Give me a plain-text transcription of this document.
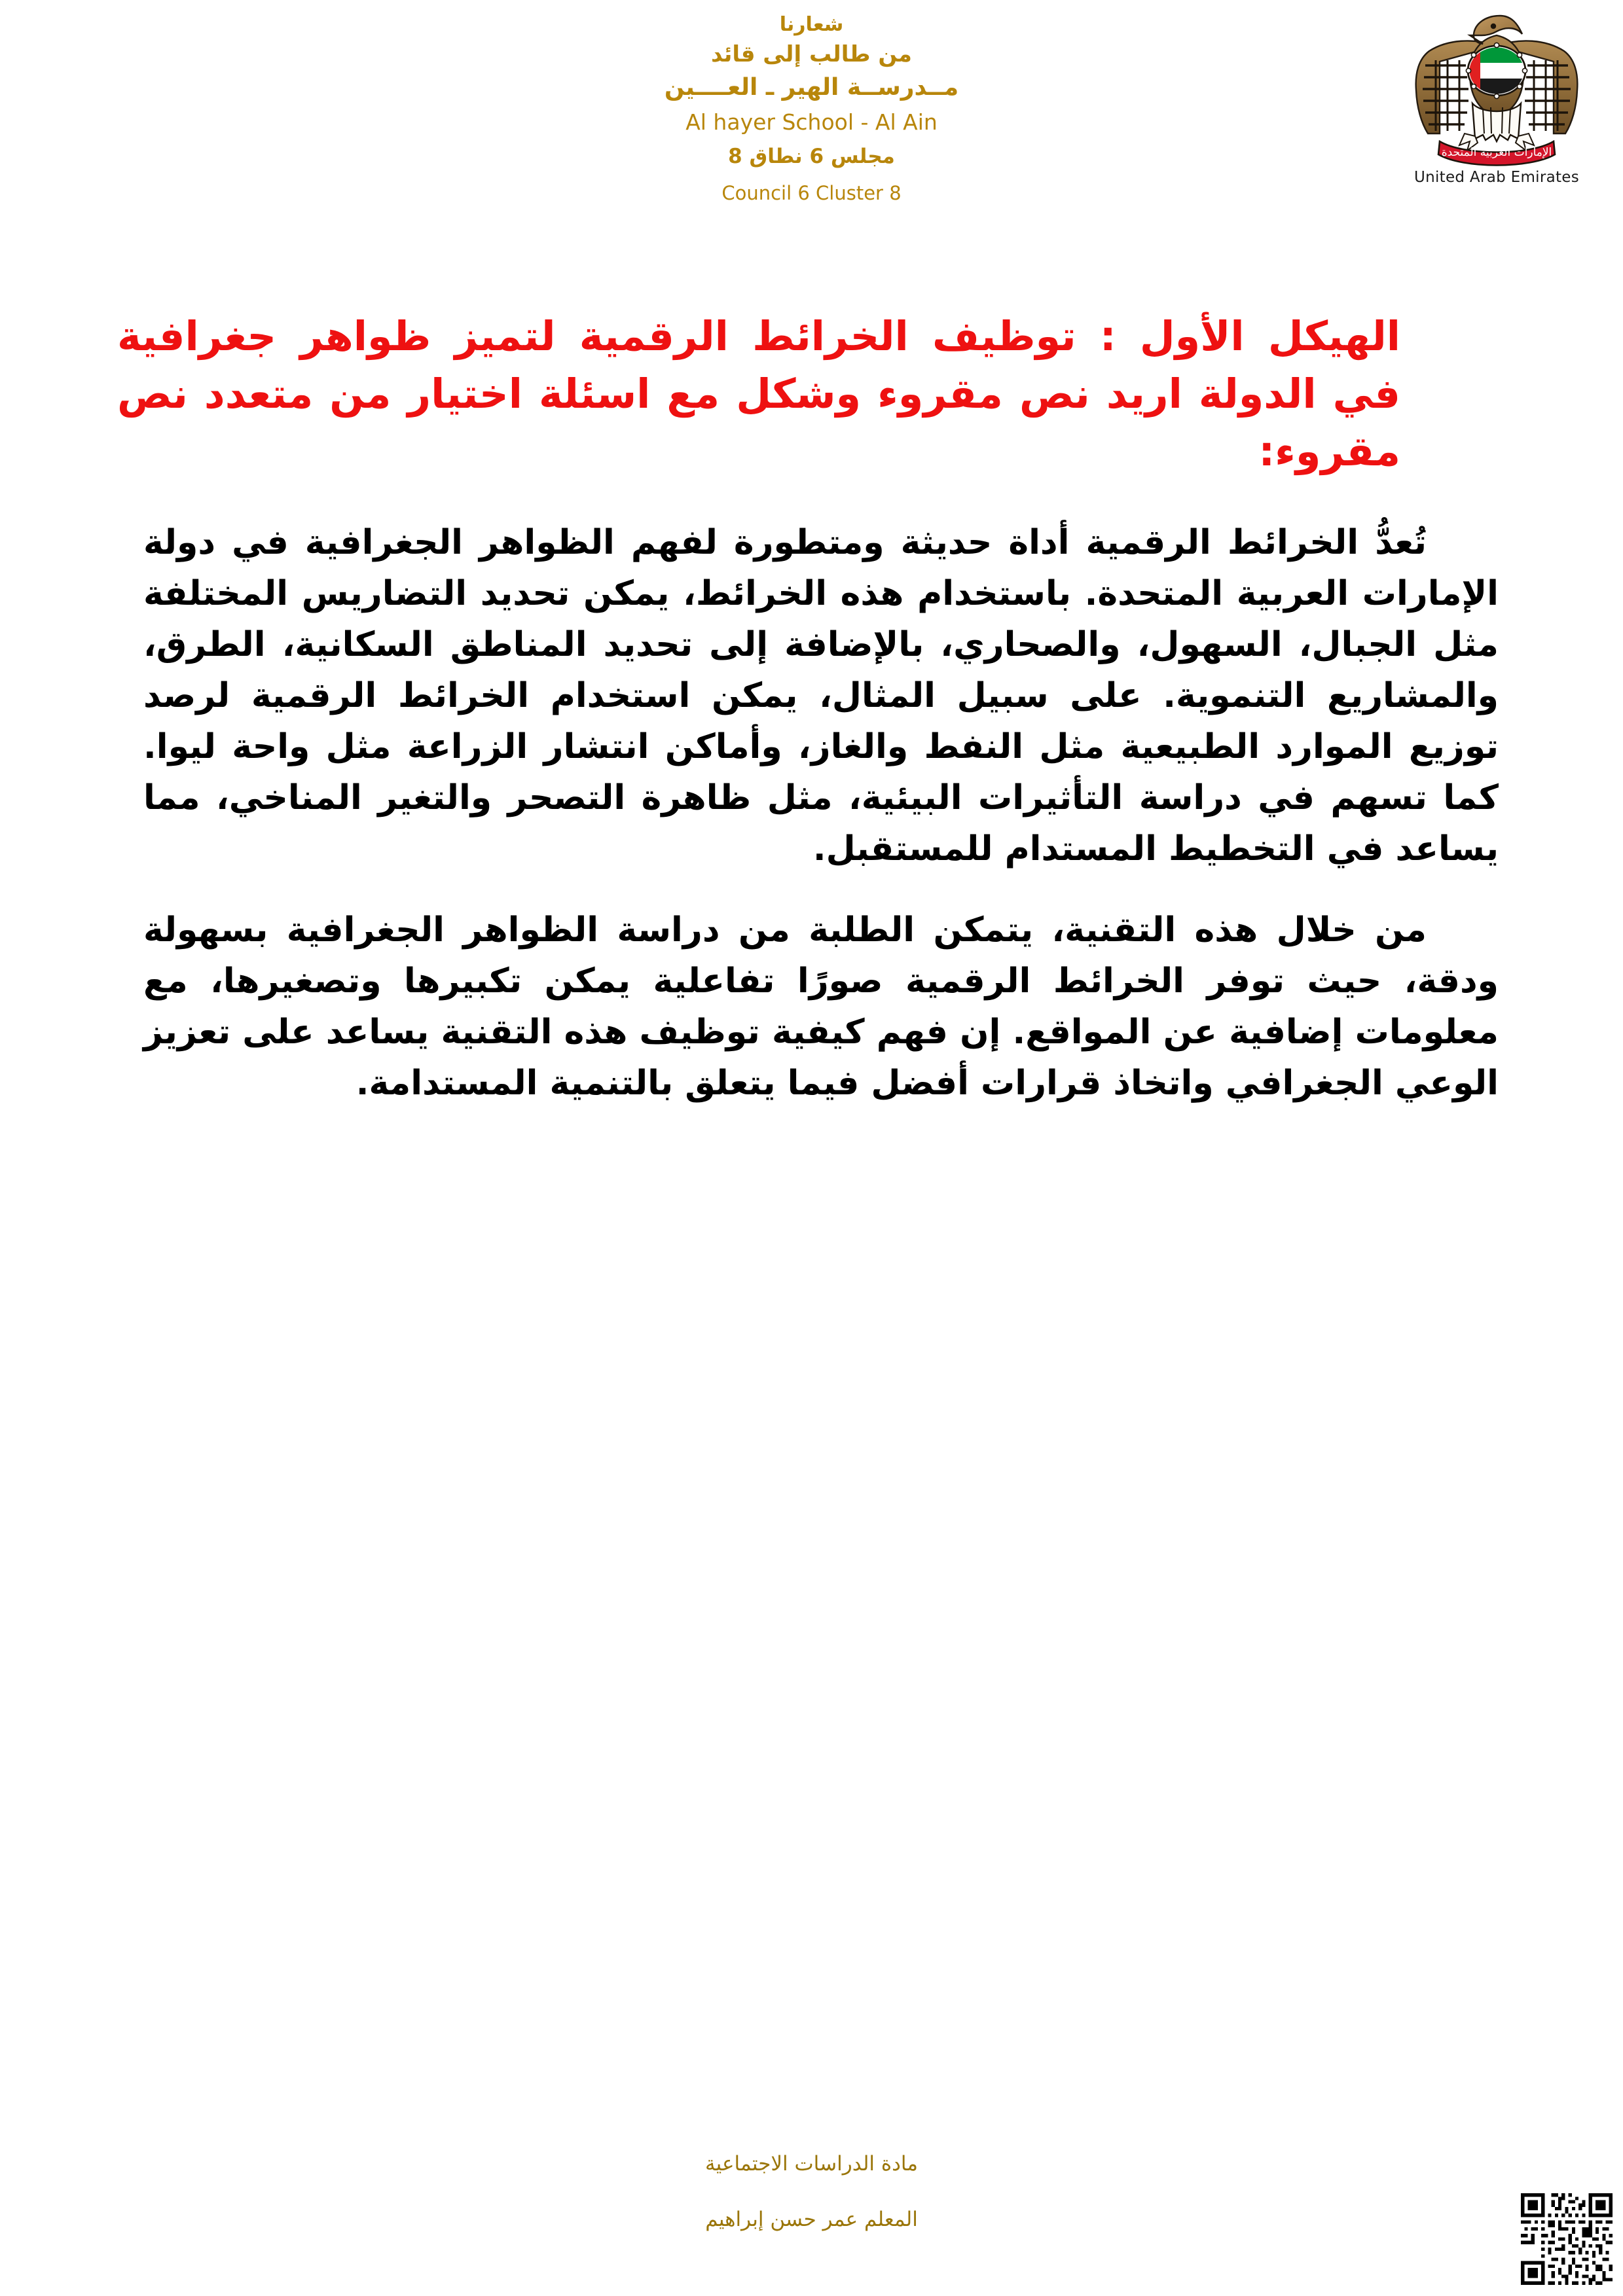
شعارنا
من طالب إلى قائد
مــدرســة الهير ـ العــــين
Al hayer School - Al Ain
مجلس 6 نطاق 8
Council 6 Cluster 8
الإمارات العربية المتحدة
United Arab Emirates
الهيكل الأول : توظيف الخرائط الرقمية لتميز ظواهر جغرافية في الدولة اريد نص مقروء وشكل مع اسئلة اختيار من متعدد نص مقروء:

تُعدُّ الخرائط الرقمية أداة حديثة ومتطورة لفهم الظواهر الجغرافية في دولة الإمارات العربية المتحدة. باستخدام هذه الخرائط، يمكن تحديد التضاريس المختلفة مثل الجبال، السهول، والصحاري، بالإضافة إلى تحديد المناطق السكانية، الطرق، والمشاريع التنموية. على سبيل المثال، يمكن استخدام الخرائط الرقمية لرصد توزيع الموارد الطبيعية مثل النفط والغاز، وأماكن انتشار الزراعة مثل واحة ليوا. كما تسهم في دراسة التأثيرات البيئية، مثل ظاهرة التصحر والتغير المناخي، مما يساعد في التخطيط المستدام للمستقبل.

من خلال هذه التقنية، يتمكن الطلبة من دراسة الظواهر الجغرافية بسهولة ودقة، حيث توفر الخرائط الرقمية صورًا تفاعلية يمكن تكبيرها وتصغيرها، مع معلومات إضافية عن المواقع. إن فهم كيفية توظيف هذه التقنية يساعد على تعزيز الوعي الجغرافي واتخاذ قرارات أفضل فيما يتعلق بالتنمية المستدامة.

مادة الدراسات الاجتماعية
المعلم عمر حسن إبراهيم
